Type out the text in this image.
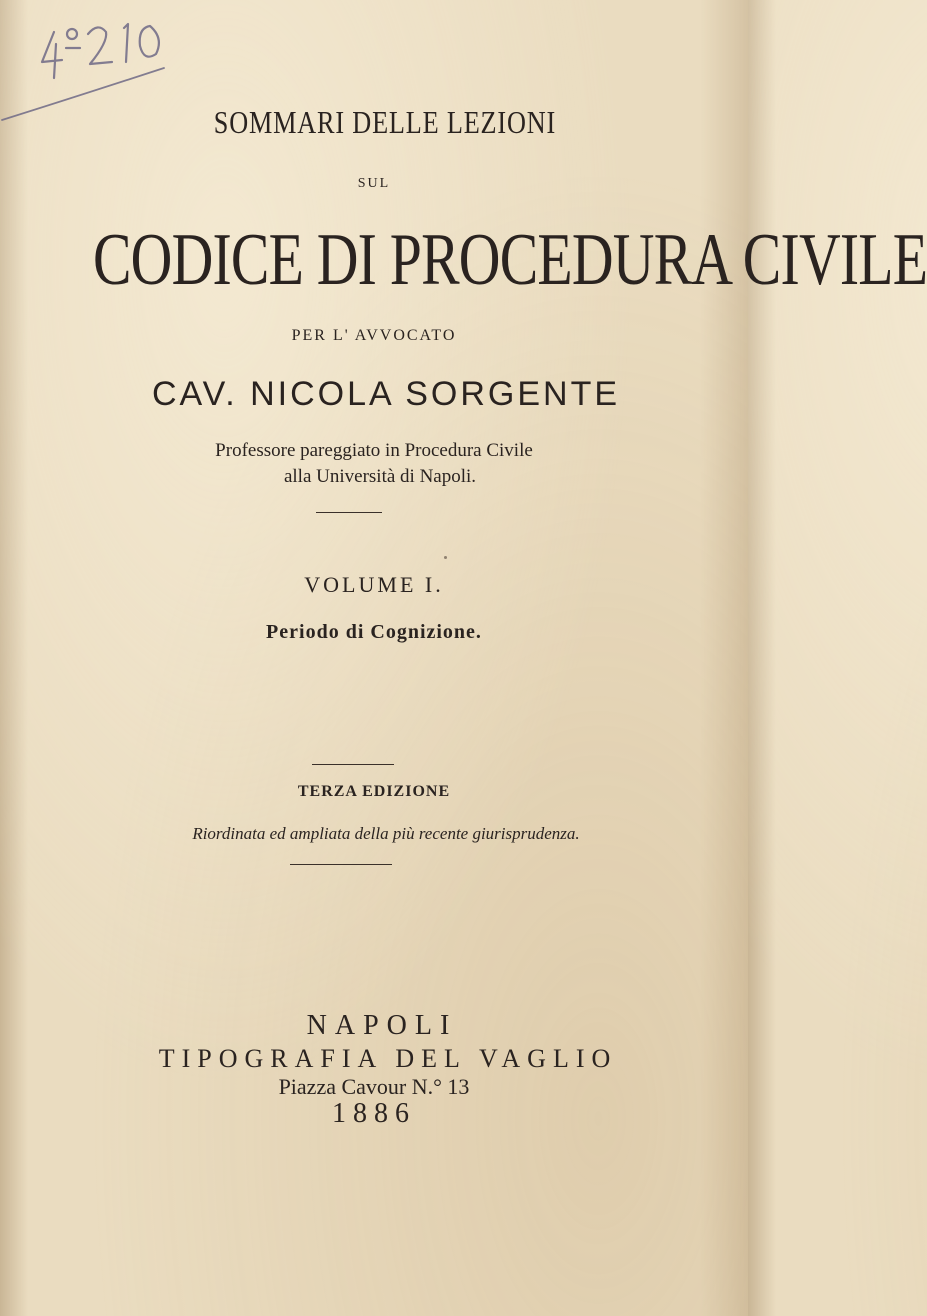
SOMMARI DELLE LEZIONI

SUL

CODICE DI PROCEDURA CIVILE

PER L' AVVOCATO

CAV. NICOLA SORGENTE

Professore pareggiato in Procedura Civile

alla Università di Napoli.

VOLUME I.

Periodo di Cognizione.

TERZA EDIZIONE

Riordinata ed ampliata della più recente giurisprudenza.

NAPOLI

TIPOGRAFIA DEL VAGLIO

Piazza Cavour N.° 13

1886
